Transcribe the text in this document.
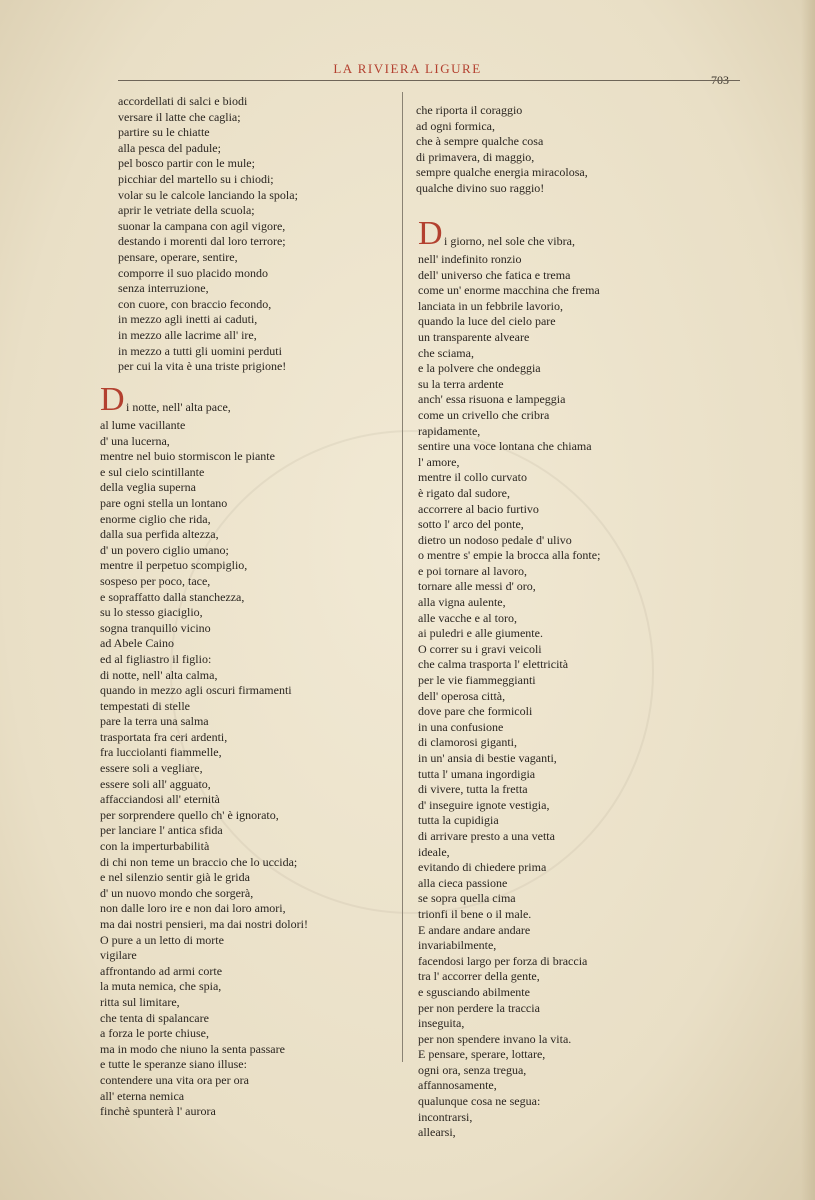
LA RIVIERA LIGURE
703
accordellati di salci e biodi
versare il latte che caglia;
partire su le chiatte
alla pesca del padule;
pel bosco partir con le mule;
picchiar del martello su i chiodi;
volar su le calcole lanciando la spola;
aprir le vetriate della scuola;
suonar la campana con agil vigore,
destando i morenti dal loro terrore;
pensare, operare, sentire,
comporre il suo placido mondo
senza interruzione,
con cuore, con braccio fecondo,
in mezzo agli inetti ai caduti,
in mezzo alle lacrime all' ire,
in mezzo a tutti gli uomini perduti
per cui la vita è una triste prigione!
D i notte, nell' alta pace,
al lume vacillante
d' una lucerna,
mentre nel buio stormiscon le piante
e sul cielo scintillante
della veglia superna
pare ogni stella un lontano
enorme ciglio che rida,
dalla sua perfida altezza,
d' un povero ciglio umano;
mentre il perpetuo scompiglio,
sospeso per poco, tace,
e sopraffatto dalla stanchezza,
su lo stesso giaciglio,
sogna tranquillo vicino
ad Abele Caino
ed al figliastro il figlio:
di notte, nell' alta calma,
quando in mezzo agli oscuri firmamenti
tempestati di stelle
pare la terra una salma
trasportata fra ceri ardenti,
fra lucciolanti fiammelle,
essere soli a vegliare,
essere soli all' agguato,
affacciandosi all' eternità
per sorprendere quello ch' è ignorato,
per lanciare l' antica sfida
con la imperturbabilità
di chi non teme un braccio che lo uccida;
e nel silenzio sentir già le grida
d' un nuovo mondo che sorgerà,
non dalle loro ire e non dai loro amori,
ma dai nostri pensieri, ma dai nostri dolori!
O pure a un letto di morte
vigilare
affrontando ad armi corte
la muta nemica, che spia,
ritta sul limitare,
che tenta di spalancare
a forza le porte chiuse,
ma in modo che niuno la senta passare
e tutte le speranze siano illuse:
contendere una vita ora per ora
all' eterna nemica
finchè spunterà l' aurora
che riporta il coraggio
ad ogni formica,
che à sempre qualche cosa
di primavera, di maggio,
sempre qualche energia miracolosa,
qualche divino suo raggio!
D i giorno, nel sole che vibra,
nell' indefinito ronzio
dell' universo che fatica e trema
come un' enorme macchina che frema
lanciata in un febbrile lavorio,
quando la luce del cielo pare
un transparente alveare
che sciama,
e la polvere che ondeggia
su la terra ardente
anch' essa risuona e lampeggia
come un crivello che cribra
rapidamente,
sentire una voce lontana che chiama
l' amore,
mentre il collo curvato
è rigato dal sudore,
accorrere al bacio furtivo
sotto l' arco del ponte,
dietro un nodoso pedale d' ulivo
o mentre s' empie la brocca alla fonte;
e poi tornare al lavoro,
tornare alle messi d' oro,
alla vigna aulente,
alle vacche e al toro,
ai puledri e alle giumente.
O correr su i gravi veicoli
che calma trasporta l' elettricità
per le vie fiammeggianti
dell' operosa città,
dove pare che formicoli
in una confusione
di clamorosi giganti,
in un' ansia di bestie vaganti,
tutta l' umana ingordigia
di vivere, tutta la fretta
d' inseguire ignote vestigia,
tutta la cupidigia
di arrivare presto a una vetta
ideale,
evitando di chiedere prima
alla cieca passione
se sopra quella cima
trionfi il bene o il male.
E andare andare andare
invariabilmente,
facendosi largo per forza di braccia
tra l' accorrer della gente,
e sgusciando abilmente
per non perdere la traccia
inseguita,
per non spendere invano la vita.
E pensare, sperare, lottare,
ogni ora, senza tregua,
affannosamente,
qualunque cosa ne segua:
incontrarsi,
allearsi,
